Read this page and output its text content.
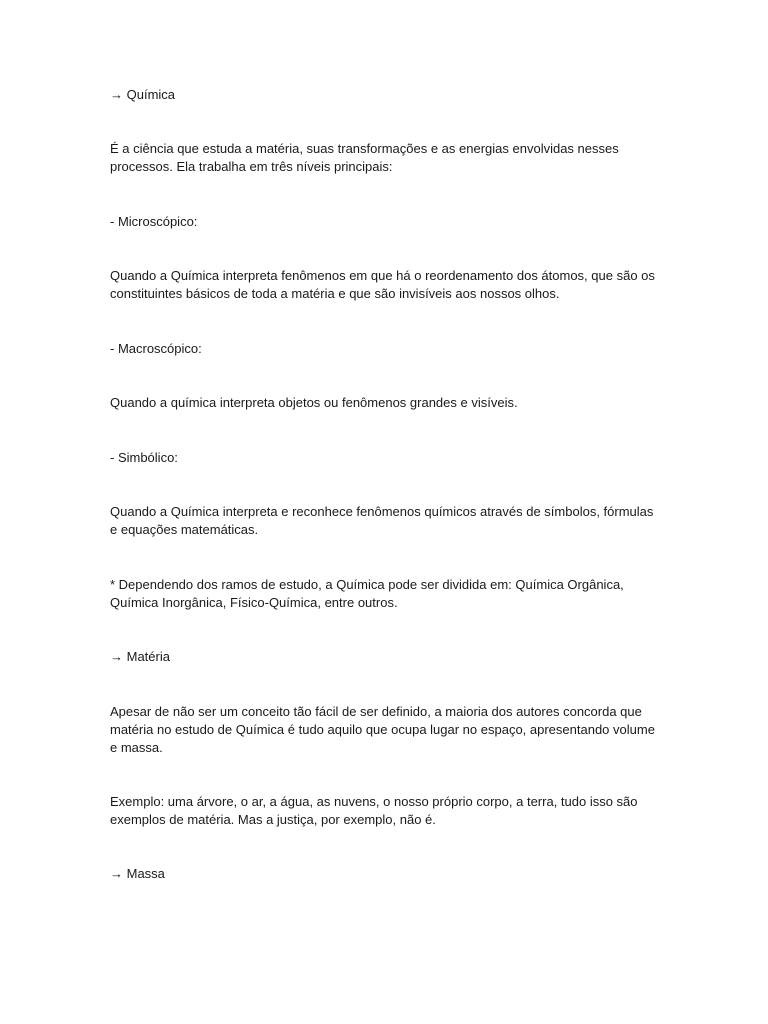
→ Química

É a ciência que estuda a matéria, suas transformações e as energias envolvidas nesses processos. Ela trabalha em três níveis principais:

- Microscópico:

Quando a Química interpreta fenômenos em que há o reordenamento dos átomos, que são os constituintes básicos de toda a matéria e que são invisíveis aos nossos olhos.

- Macroscópico:

Quando a química interpreta objetos ou fenômenos grandes e visíveis.

- Simbólico:

Quando a Química interpreta e reconhece fenômenos químicos através de símbolos, fórmulas e equações matemáticas.

* Dependendo dos ramos de estudo, a Química pode ser dividida em: Química Orgânica, Química Inorgânica, Físico-Química, entre outros.

→ Matéria

Apesar de não ser um conceito tão fácil de ser definido, a maioria dos autores concorda que matéria no estudo de Química é tudo aquilo que ocupa lugar no espaço, apresentando volume e massa.

Exemplo: uma árvore, o ar, a água, as nuvens, o nosso próprio corpo, a terra, tudo isso são exemplos de matéria. Mas a justiça, por exemplo, não é.

→ Massa
